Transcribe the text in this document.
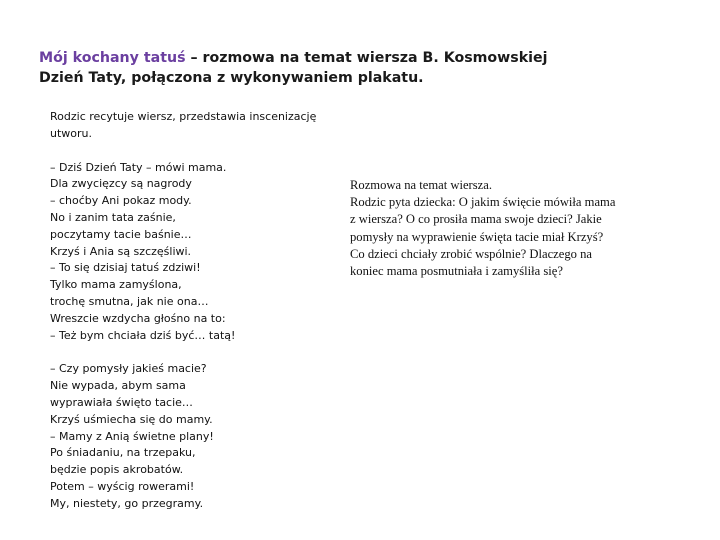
Mój kochany tatuś – rozmowa na temat wiersza B. Kosmowskiej
Dzień Taty, połączona z wykonywaniem plakatu.

Rodzic recytuje wiersz, przedstawia inscenizację
utworu.

– Dziś Dzień Taty – mówi mama.
Dla zwycięzcy są nagrody
– choćby Ani pokaz mody.
No i zanim tata zaśnie,
poczytamy tacie baśnie…
Krzyś i Ania są szczęśliwi.
– To się dzisiaj tatuś zdziwi!
Tylko mama zamyślona,
trochę smutna, jak nie ona…
Wreszcie wzdycha głośno na to:
– Też bym chciała dziś być… tatą!

– Czy pomysły jakieś macie?
Nie wypada, abym sama
wyprawiała święto tacie…
Krzyś uśmiecha się do mamy.
– Mamy z Anią świetne plany!
Po śniadaniu, na trzepaku,
będzie popis akrobatów.
Potem – wyścig rowerami!
My, niestety, go przegramy.

Rozmowa na temat wiersza.
Rodzic pyta dziecka: O jakim święcie mówiła mama
z wiersza? O co prosiła mama swoje dzieci? Jakie
pomysły na wyprawienie święta tacie miał Krzyś?
Co dzieci chciały zrobić wspólnie? Dlaczego na
koniec mama posmutniała i zamyśliła się?
